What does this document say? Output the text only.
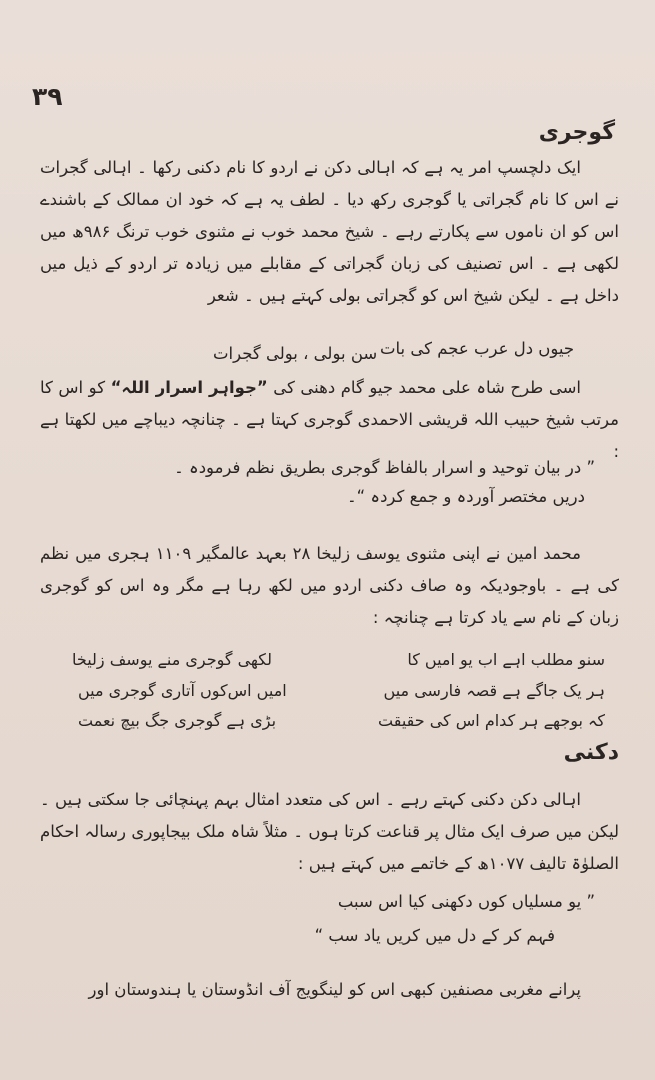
۳۹
گوجری

ایک دلچسپ امر یہ ہے کہ اہالی دکن نے اردو کا نام دکنی رکھا ۔ اہالی گجرات نے اس کا نام گجراتی یا گوجری رکھ دیا ۔ لطف یہ ہے کہ خود ان ممالک کے باشندے اس کو ان ناموں سے پکارتے رہے ۔ شیخ محمد خوب نے مثنوی خوب ترنگ ۹۸۶ھ میں لکھی ہے ۔ اس تصنیف کی زبان گجراتی کے مقابلے میں زیادہ تر اردو کے ذیل میں داخل ہے ۔ لیکن شیخ اس کو گجراتی بولی کہتے ہیں ۔ شعر

جیوں دل عرب عجم کی بات
سن بولی ، بولی گجرات

اسی طرح شاہ علی محمد جیو گام دھنی کی ”جواہر اسرار اللہ“ کو اس کا مرتب شیخ حبیب اللہ قریشی الاحمدی گوجری کہتا ہے ۔ چنانچہ دیباچے میں لکھتا ہے :

” در بیان توحید و اسرار بالفاظ گوجری بطریق نظم فرمودہ ۔
دریں مختصر آوردہ و جمع کردہ “۔

محمد امین نے اپنی مثنوی یوسف زلیخا ۲۸ بعہد عالمگیر ۱۱۰۹ ہجری میں نظم کی ہے ۔ باوجودیکہ وہ صاف دکنی اردو میں لکھ رہا ہے مگر وہ اس کو گوجری زبان کے نام سے یاد کرتا ہے چنانچہ :

سنو مطلب اہے اب یو امیں کا
لکھی گوجری منے یوسف زلیخا
ہر یک جاگے ہے قصہ فارسی میں
امیں اس‌کوں آتاری گوجری میں
کہ بوجھے ہر کدام اس کی حقیقت
بڑی ہے گوجری جگ بیچ نعمت
دکنی

اہالی دکن دکنی کہتے رہے ۔ اس کی متعدد امثال بہم پہنچائی جا سکتی ہیں ۔ لیکن میں صرف ایک مثال پر قناعت کرتا ہوں ۔ مثلاً شاہ ملک بیجاپوری رسالہ احکام الصلوٰۃ تالیف ۱۰۷۷ھ کے خاتمے میں کہتے ہیں :

” یو مسلیاں کوں دکھنی کیا اس سبب
فہم کر کے دل میں کریں یاد سب “

پرانے مغربی مصنفین کبھی اس کو لینگویج آف انڈوستان یا ہندوستان اور
